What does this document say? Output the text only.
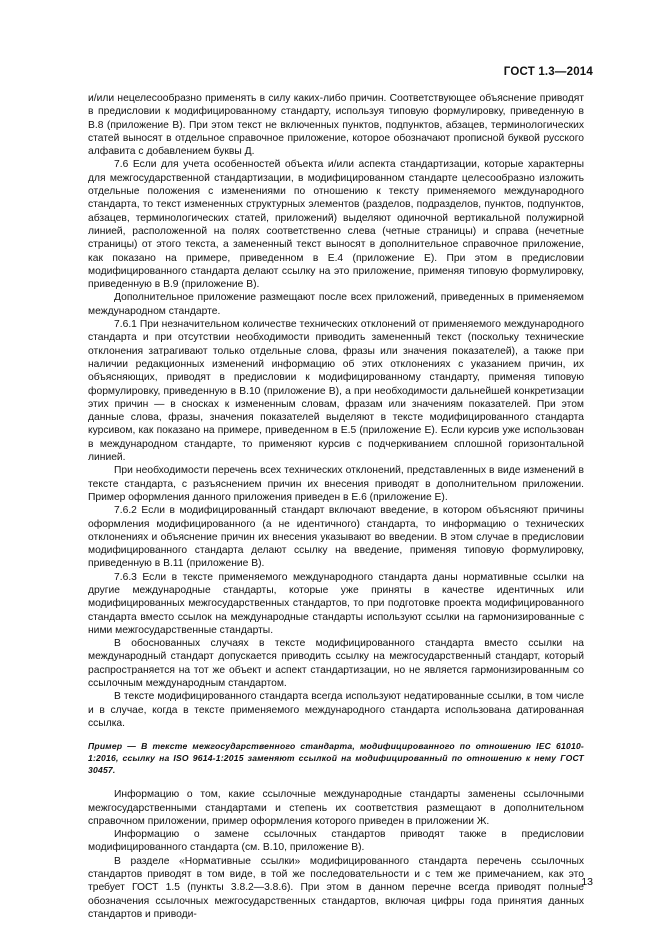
ГОСТ 1.3—2014

и/или нецелесообразно применять в силу каких-либо причин. Соответствующее объяснение приводят в предисловии к модифицированному стандарту, используя типовую формулировку, приведенную в В.8 (приложение В). При этом текст не включенных пунктов, подпунктов, абзацев, терминологических статей выносят в отдельное справочное приложение, которое обозначают прописной буквой русского алфавита с добавлением буквы Д.

7.6 Если для учета особенностей объекта и/или аспекта стандартизации, которые характерны для межгосударственной стандартизации, в модифицированном стандарте целесообразно изложить отдельные положения с изменениями по отношению к тексту применяемого международного стандарта, то текст измененных структурных элементов (разделов, подразделов, пунктов, подпунктов, абзацев, терминологических статей, приложений) выделяют одиночной вертикальной полужирной линией, расположенной на полях соответственно слева (четные страницы) и справа (нечетные страницы) от этого текста, а замененный текст выносят в дополнительное справочное приложение, как показано на примере, приведенном в Е.4 (приложение Е). При этом в предисловии модифицированного стандарта делают ссылку на это приложение, применяя типовую формулировку, приведенную в В.9 (приложение В).

Дополнительное приложение размещают после всех приложений, приведенных в применяемом международном стандарте.

7.6.1 При незначительном количестве технических отклонений от применяемого международного стандарта и при отсутствии необходимости приводить замененный текст (поскольку технические отклонения затрагивают только отдельные слова, фразы или значения показателей), а также при наличии редакционных изменений информацию об этих отклонениях с указанием причин, их объясняющих, приводят в предисловии к модифицированному стандарту, применяя типовую формулировку, приведенную в В.10 (приложение В), а при необходимости дальнейшей конкретизации этих причин — в сносках к измененным словам, фразам или значениям показателей. При этом данные слова, фразы, значения показателей выделяют в тексте модифицированного стандарта курсивом, как показано на примере, приведенном в Е.5 (приложение Е). Если курсив уже использован в международном стандарте, то применяют курсив с подчеркиванием сплошной горизонтальной линией.

При необходимости перечень всех технических отклонений, представленных в виде изменений в тексте стандарта, с разъяснением причин их внесения приводят в дополнительном приложении. Пример оформления данного приложения приведен в Е.6 (приложение Е).

7.6.2 Если в модифицированный стандарт включают введение, в котором объясняют причины оформления модифицированного (а не идентичного) стандарта, то информацию о технических отклонениях и объяснение причин их внесения указывают во введении. В этом случае в предисловии модифицированного стандарта делают ссылку на введение, применяя типовую формулировку, приведенную в В.11 (приложение В).

7.6.3 Если в тексте применяемого международного стандарта даны нормативные ссылки на другие международные стандарты, которые уже приняты в качестве идентичных или модифицированных межгосударственных стандартов, то при подготовке проекта модифицированного стандарта вместо ссылок на международные стандарты используют ссылки на гармонизированные с ними межгосударственные стандарты.

В обоснованных случаях в тексте модифицированного стандарта вместо ссылки на международный стандарт допускается приводить ссылку на межгосударственный стандарт, который распространяется на тот же объект и аспект стандартизации, но не является гармонизированным со ссылочным международным стандартом.

В тексте модифицированного стандарта всегда используют недатированные ссылки, в том числе и в случае, когда в тексте применяемого международного стандарта использована датированная ссылка.

Пример — В тексте межгосударственного стандарта, модифицированного по отношению IEC 61010-1:2016, ссылку на ISO 9614-1:2015 заменяют ссылкой на модифицированный по отношению к нему ГОСТ 30457.

Информацию о том, какие ссылочные международные стандарты заменены ссылочными межгосударственными стандартами и степень их соответствия размещают в дополнительном справочном приложении, пример оформления которого приведен в приложении Ж.

Информацию о замене ссылочных стандартов приводят также в предисловии модифицированного стандарта (см. В.10, приложение В).

В разделе «Нормативные ссылки» модифицированного стандарта перечень ссылочных стандартов приводят в том виде, в той же последовательности и с тем же примечанием, как это требует ГОСТ 1.5 (пункты 3.8.2—3.8.6). При этом в данном перечне всегда приводят полные обозначения ссылочных межгосударственных стандартов, включая цифры года принятия данных стандартов и приводи-

13
